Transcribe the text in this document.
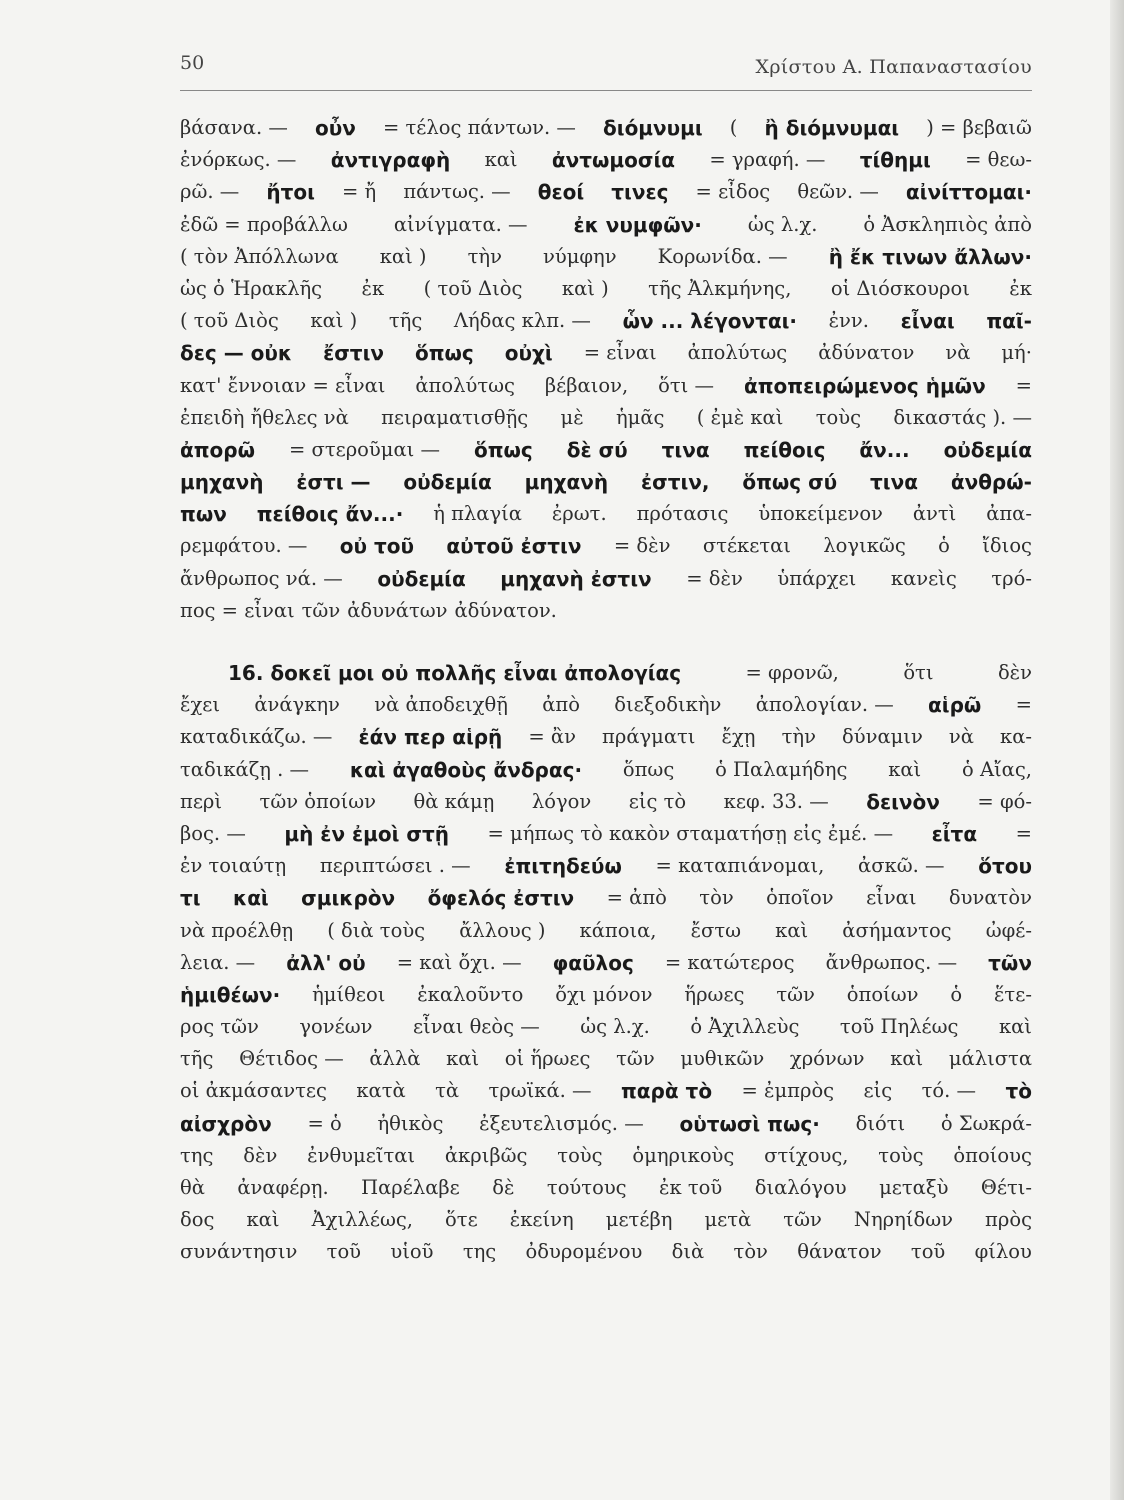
50	Χρίστου Α. Παπαναστασίου
βάσανα. — οὖν = τέλος πάντων. — διόμνυμι ( ἢ διόμνυμαι ) = βεβαιῶ
ἐνόρκως. — ἀντιγραφὴ καὶ ἀντωμοσία = γραφή. — τίθημι = θεω-
ρῶ. — ἤτοι = ἤ πάντως. — θεοί τινες = εἶδος θεῶν. — αἰνίττομαι·
ἐδῶ = προβάλλω αἰνίγματα. — ἐκ νυμφῶν· ὡς λ.χ. ὁ Ἀσκληπιὸς ἀπὸ
( τὸν Ἀπόλλωνα καὶ ) τὴν νύμφην Κορωνίδα. — ἢ ἔκ τινων ἄλλων·
ὡς ὁ Ἡρακλῆς ἐκ ( τοῦ Διὸς καὶ ) τῆς Ἀλκμήνης, οἱ Διόσκουροι ἐκ
( τοῦ Διὸς καὶ ) τῆς Λήδας κλπ. — ὧν ... λέγονται· ἐνν. εἶναι παῖ-
δες — οὐκ ἔστιν ὅπως οὐχὶ = εἶναι ἀπολύτως ἀδύνατον νὰ μή·
κατ' ἔννοιαν = εἶναι ἀπολύτως βέβαιον, ὅτι — ἀποπειρώμενος ἡμῶν =
ἐπειδὴ ἤθελες νὰ πειραματισθῇς μὲ ἡμᾶς ( ἐμὲ καὶ τοὺς δικαστάς ). —
ἀπορῶ = στεροῦμαι — ὅπως δὲ σύ τινα πείθοις ἄν... οὐδεμία
μηχανὴ ἐστι — οὐδεμία μηχανὴ ἐστιν, ὅπως σύ τινα ἀνθρώ-
πων πείθοις ἄν...· ἡ πλαγία ἐρωτ. πρότασις ὑποκείμενον ἀντὶ ἀπα-
ρεμφάτου. — οὐ τοῦ αὐτοῦ ἐστιν = δὲν στέκεται λογικῶς ὁ ἴδιος
ἄνθρωπος νά. — οὐδεμία μηχανὴ ἐστιν = δὲν ὑπάρχει κανεὶς τρό-
πος = εἶναι τῶν ἀδυνάτων ἀδύνατον.
16. δοκεῖ μοι οὐ πολλῆς εἶναι ἀπολογίας	= φρονῶ,	ὅτι	δὲν
ἔχει ἀνάγκην νὰ ἀποδειχθῇ ἀπὸ διεξοδικὴν ἀπολογίαν. — αἱρῶ =
καταδικάζω. — ἐάν περ αἱρῇ = ἂν πράγματι ἔχῃ τὴν δύναμιν νὰ κα-
ταδικάζῃ . — καὶ ἀγαθοὺς ἄνδρας· ὅπως ὁ Παλαμήδης καὶ ὁ Αἴας,
περὶ τῶν ὁποίων θὰ κάμῃ λόγον εἰς τὸ κεφ. 33. — δεινὸν = φό-
βος. — μὴ ἐν ἐμοὶ στῇ = μήπως τὸ κακὸν σταματήσῃ εἰς ἐμέ. — εἶτα =
ἐν τοιαύτῃ περιπτώσει . — ἐπιτηδεύω = καταπιάνομαι, ἀσκῶ. — ὅτου
τι καὶ σμικρὸν ὄφελός ἐστιν = ἀπὸ τὸν ὁποῖον εἶναι δυνατὸν
νὰ προέλθῃ ( διὰ τοὺς ἄλλους ) κάποια, ἔστω καὶ ἀσήμαντος ὠφέ-
λεια. — ἀλλ' οὐ = καὶ ὄχι. — φαῦλος = κατώτερος ἄνθρωπος. — τῶν
ἡμιθέων· ἡμίθεοι ἐκαλοῦντο ὄχι μόνον ἥρωες τῶν ὁποίων ὁ ἕτε-
ρος τῶν γονέων εἶναι θεὸς — ὡς λ.χ. ὁ Ἀχιλλεὺς τοῦ Πηλέως καὶ
τῆς Θέτιδος — ἀλλὰ καὶ οἱ ἥρωες τῶν μυθικῶν χρόνων καὶ μάλιστα
οἱ ἀκμάσαντες κατὰ τὰ τρωϊκά. — παρὰ τὸ = ἐμπρὸς εἰς τό. — τὸ
αἰσχρὸν = ὁ ἠθικὸς ἐξευτελισμός. — οὑτωσὶ πως· διότι ὁ Σωκρά-
της δὲν ἐνθυμεῖται ἀκριβῶς τοὺς ὁμηρικοὺς στίχους, τοὺς ὁποίους
θὰ ἀναφέρῃ. Παρέλαβε δὲ τούτους ἐκ τοῦ διαλόγου μεταξὺ Θέτι-
δος καὶ Ἀχιλλέως, ὅτε ἐκείνη μετέβη μετὰ τῶν Νηρηίδων πρὸς
συνάντησιν τοῦ υἱοῦ της ὀδυρομένου διὰ τὸν θάνατον τοῦ φίλου
